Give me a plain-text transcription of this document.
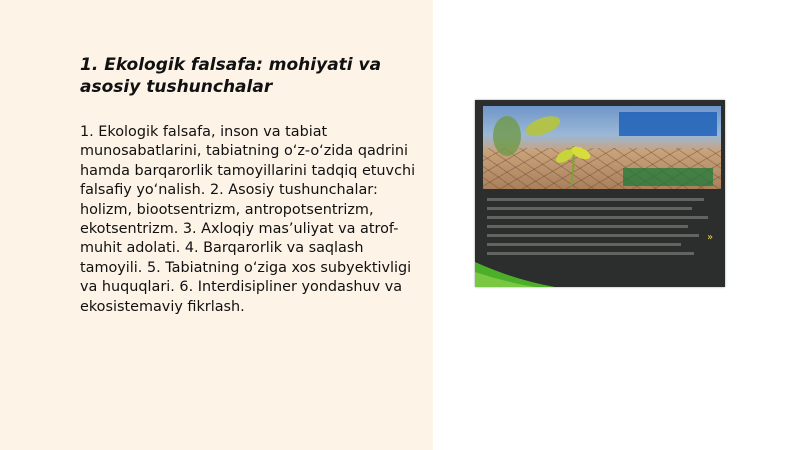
1. Ekologik falsafa: mohiyati va asosiy tushunchalar
1. Ekologik falsafa, inson va tabiat munosabatlarini, tabiatning o‘z-o‘zida qadrini hamda barqarorlik tamoyillarini tadqiq etuvchi falsafiy yo‘nalish. 2. Asosiy tushunchalar: holizm, biootsentrizm, antropotsentrizm, ekotsentrizm. 3. Axloqiy mas’uliyat va atrof-muhit adolati. 4. Barqarorlik va saqlash tamoyili. 5. Tabiatning o‘ziga xos subyektivligi va huquqlari. 6. Interdisipliner yondashuv va ekosistemaviy fikrlash.
»
